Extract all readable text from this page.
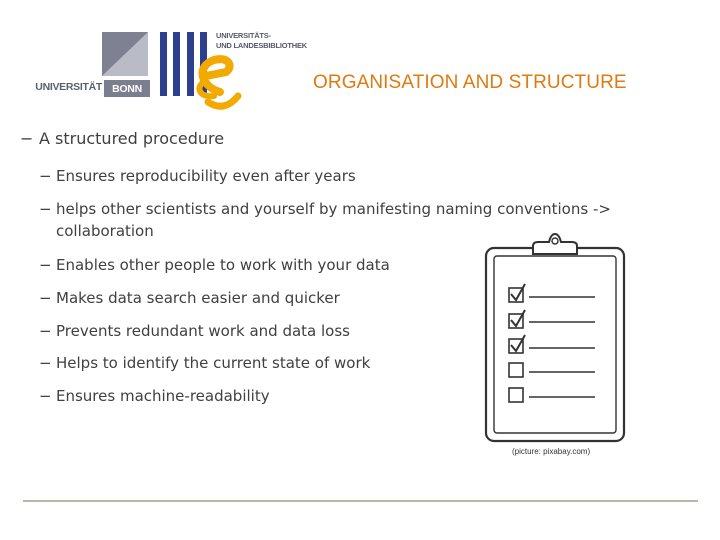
UNIVERSITÄT BONN
UNIVERSITÄTS-
UND LANDESBIBLIOTHEK
ORGANISATION AND STRUCTURE
− A structured procedure
− Ensures reproducibility even after years
− helps other scientists and yourself by manifesting naming conventions ->
collaboration
− Enables other people to work with your data
− Makes data search easier and quicker
− Prevents redundant work and data loss
− Helps to identify the current state of work
− Ensures machine-readability
(picture: pixabay.com)
